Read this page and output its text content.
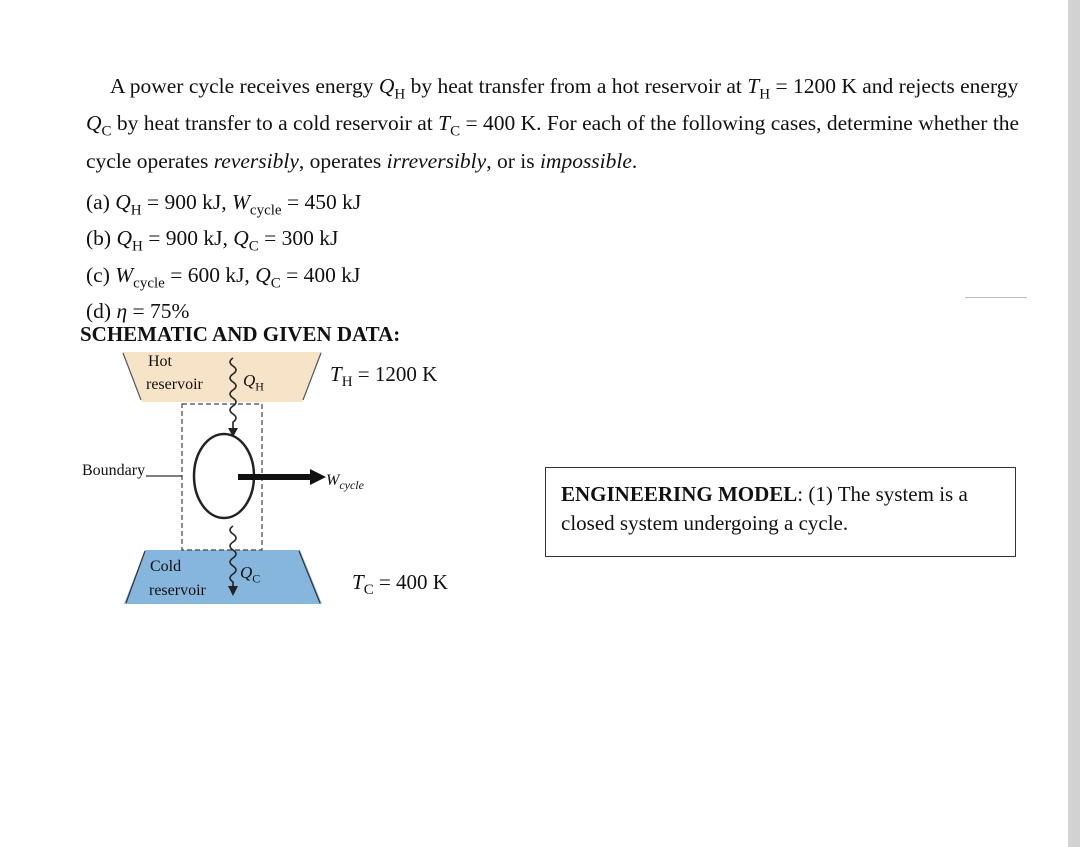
A power cycle receives energy $Q_H$ by heat transfer from a hot reservoir at $T_H = 1200$ K and rejects energy $Q_C$ by heat transfer to a cold reservoir at $T_C = 400$ K. For each of the following cases, determine whether the cycle operates reversibly, operates irreversibly, or is impossible.

(a) $Q_H = 900$ kJ, $W_{cycle} = 450$ kJ
(b) $Q_H = 900$ kJ, $Q_C = 300$ kJ
(c) $W_{cycle} = 600$ kJ, $Q_C = 400$ kJ
(d) η = 75%
SCHEMATIC AND GIVEN DATA:
Hot
reservoir $Q_H$
Cold
reservoir
$Q_C$
$T_H = 1200$ K
$T_C = 400$ K
Boundary
$W_{cycle}$	ENGINEERING MODEL: (1) The system is a closed system undergoing a cycle.
